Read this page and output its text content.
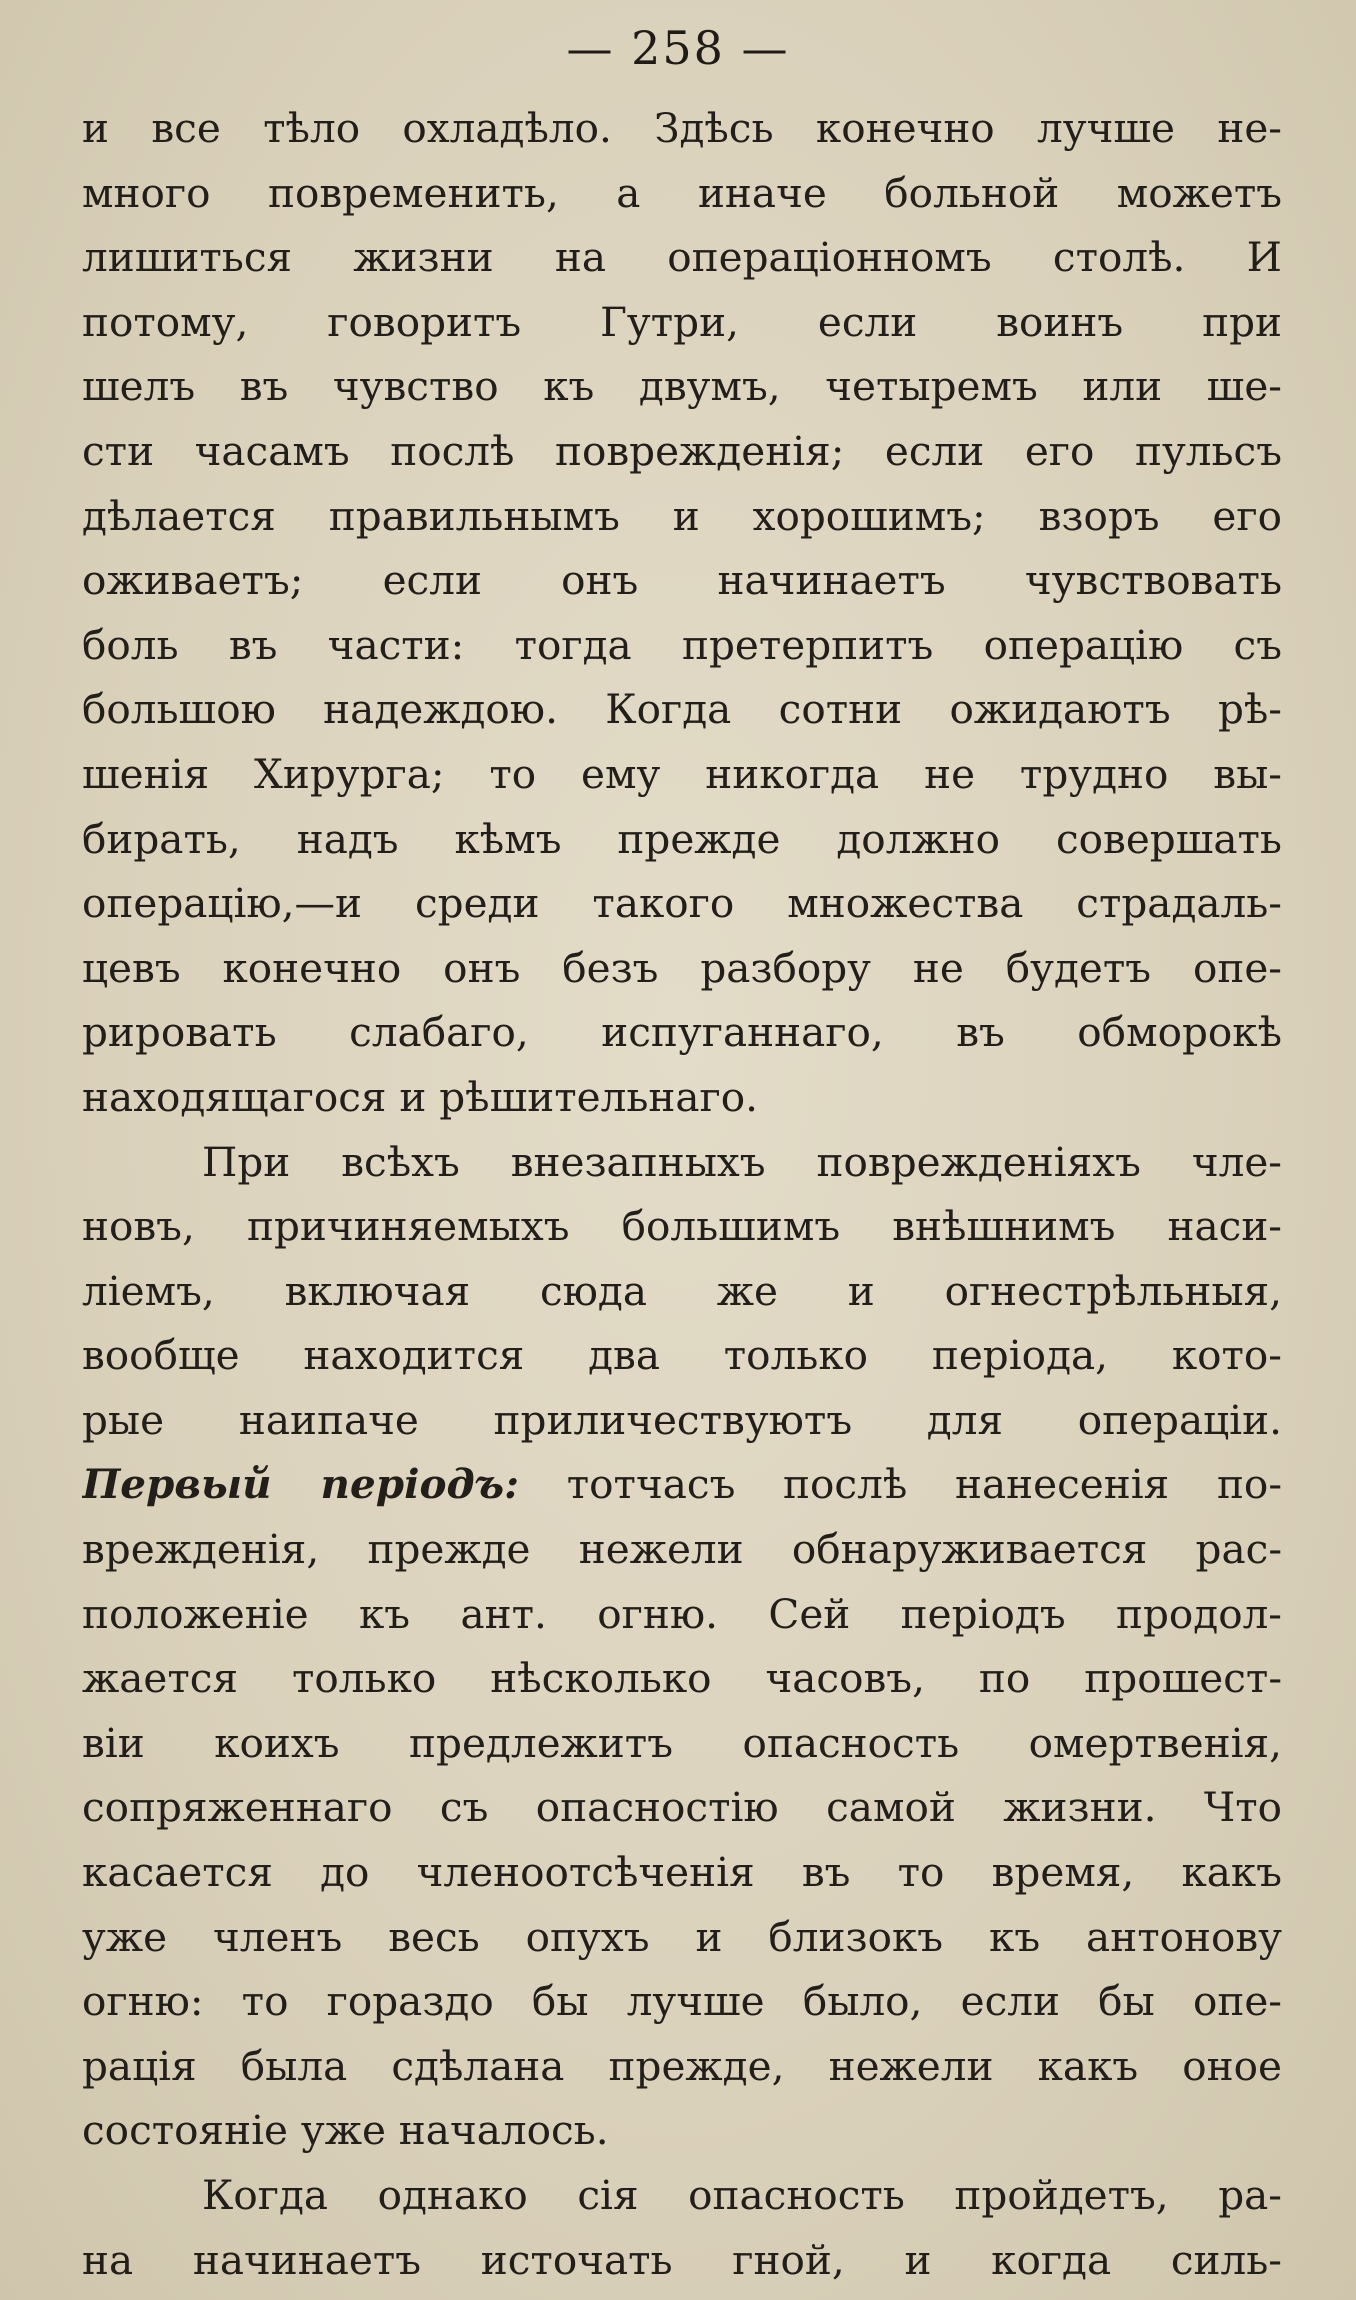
— 258 —
и все тѣло охладѣло. Здѣсь конечно лучше не-
много повременить, а иначе больной можетъ
лишиться жизни на операціонномъ столѣ. И
потому, говоритъ Гутри, если воинъ при
шелъ въ чувство къ двумъ, четыремъ или ше-
сти часамъ послѣ поврежденія; если его пульсъ
дѣлается правильнымъ и хорошимъ; взоръ его
оживаетъ; если онъ начинаетъ чувствовать
боль въ части: тогда претерпитъ операцію съ
большою надеждою. Когда сотни ожидаютъ рѣ-
шенія Хирурга; то ему никогда не трудно вы-
бирать, надъ кѣмъ прежде должно совершать
операцію,—и среди такого множества страдаль-
цевъ конечно онъ безъ разбору не будетъ опе-
рировать слабаго, испуганнаго, въ обморокѣ
находящагося и рѣшительнаго.
При всѣхъ внезапныхъ поврежденіяхъ чле-
новъ, причиняемыхъ большимъ внѣшнимъ наси-
ліемъ, включая сюда же и огнестрѣльныя,
вообще находится два только періода, кото-
рые наипаче приличествуютъ для операціи.
Первый періодъ: тотчасъ послѣ нанесенія по-
врежденія, прежде нежели обнаруживается рас-
положеніе къ ант. огню. Сей періодъ продол-
жается только нѣсколько часовъ, по прошест-
віи коихъ предлежитъ опасность омертвенія,
сопряженнаго съ опасностію самой жизни. Что
касается до членоотсѣченія въ то время, какъ
уже членъ весь опухъ и близокъ къ антонову
огню: то гораздо бы лучше было, если бы опе-
рація была сдѣлана прежде, нежели какъ оное
состояніе уже началось.
Когда однако сія опасность пройдетъ, ра-
на начинаетъ источать гной, и когда силь-
